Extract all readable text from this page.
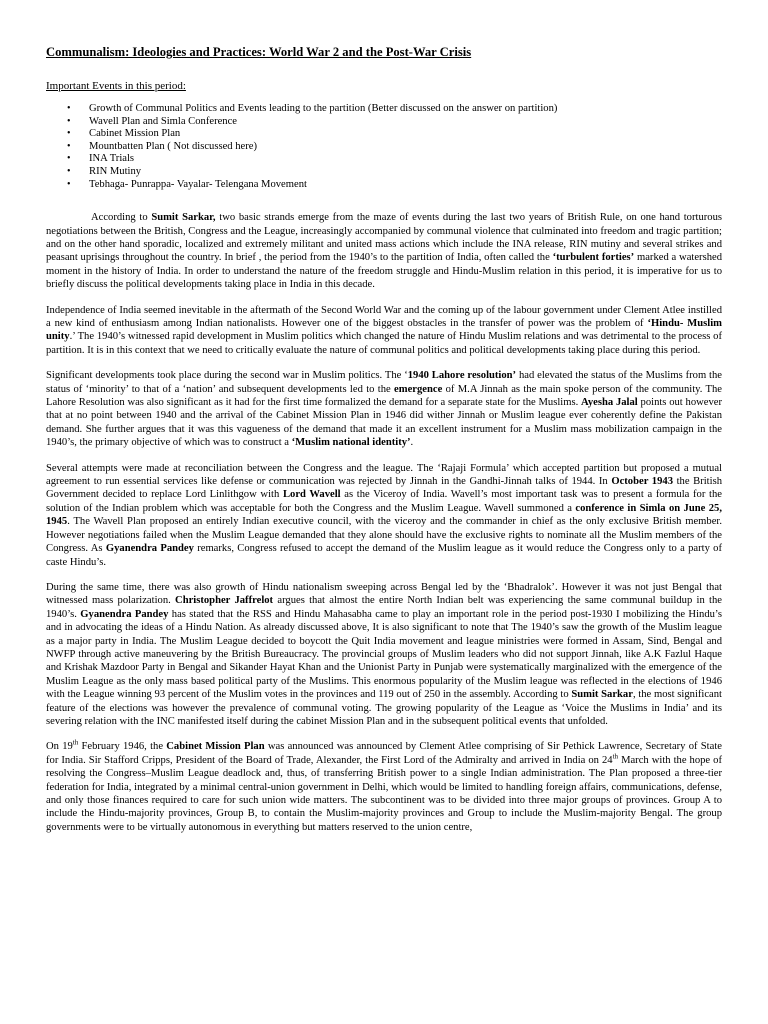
Communalism: Ideologies and Practices: World War 2 and the Post-War Crisis
Important Events in this period:
• Growth of Communal Politics and Events leading to the partition (Better discussed on the answer on partition)
• Wavell Plan and Simla Conference
• Cabinet Mission Plan
• Mountbatten Plan ( Not discussed here)
• INA Trials
• RIN Mutiny
• Tebhaga- Punrappa- Vayalar- Telengana Movement

According to Sumit Sarkar, two basic strands emerge from the maze of events during the last two years of British Rule, on one hand torturous negotiations between the British, Congress and the League, increasingly accompanied by communal violence that culminated into freedom and tragic partition; and on the other hand sporadic, localized and extremely militant and united mass actions which include the INA release, RIN mutiny and several strikes and peasant uprisings throughout the country. In brief , the period from the 1940’s to the partition of India, often called the ‘turbulent forties’ marked a watershed moment in the history of India. In order to understand the nature of the freedom struggle and Hindu-Muslim relation in this period, it is imperative for us to briefly discuss the political developments taking place in India in this decade.

Independence of India seemed inevitable in the aftermath of the Second World War and the coming up of the labour government under Clement Atlee instilled a new kind of enthusiasm among Indian nationalists. However one of the biggest obstacles in the transfer of power was the problem of ‘Hindu- Muslim unity.’ The 1940’s witnessed rapid development in Muslim politics which changed the nature of Hindu Muslim relations and was detrimental to the process of partition. It is in this context that we need to critically evaluate the nature of communal politics and political developments taking place during this period.

Significant developments took place during the second war in Muslim politics. The ‘1940 Lahore resolution’ had elevated the status of the Muslims from the status of ‘minority’ to that of a ‘nation’ and subsequent developments led to the emergence of M.A Jinnah as the main spoke person of the community. The Lahore Resolution was also significant as it had for the first time formalized the demand for a separate state for the Muslims. Ayesha Jalal points out however that at no point between 1940 and the arrival of the Cabinet Mission Plan in 1946 did wither Jinnah or Muslim league ever coherently define the Pakistan demand. She further argues that it was this vagueness of the demand that made it an excellent instrument for a Muslim mass mobilization campaign in the 1940’s, the primary objective of which was to construct a ‘Muslim national identity’.

Several attempts were made at reconciliation between the Congress and the league. The ‘Rajaji Formula’ which accepted partition but proposed a mutual agreement to run essential services like defense or communication was rejected by Jinnah in the Gandhi-Jinnah talks of 1944. In October 1943 the British Government decided to replace Lord Linlithgow with Lord Wavell as the Viceroy of India. Wavell’s most important task was to present a formula for the solution of the Indian problem which was acceptable for both the Congress and the Muslim League. Wavell summoned a conference in Simla on June 25, 1945. The Wavell Plan proposed an entirely Indian executive council, with the viceroy and the commander in chief as the only exclusive British member. However negotiations failed when the Muslim League demanded that they alone should have the exclusive rights to nominate all the Muslim members of the Congress. As Gyanendra Pandey remarks, Congress refused to accept the demand of the Muslim league as it would reduce the Congress only to a party of caste Hindu’s.

During the same time, there was also growth of Hindu nationalism sweeping across Bengal led by the ‘Bhadralok’. However it was not just Bengal that witnessed mass polarization. Christopher Jaffrelot argues that almost the entire North Indian belt was experiencing the same communal buildup in the 1940’s. Gyanendra Pandey has stated that the RSS and Hindu Mahasabha came to play an important role in the period post-1930 I mobilizing the Hindu’s and in advocating the ideas of a Hindu Nation. As already discussed above, It is also significant to note that The 1940’s saw the growth of the Muslim league as a major party in India. The Muslim League decided to boycott the Quit India movement and league ministries were formed in Assam, Sind, Bengal and NWFP through active maneuvering by the British Bureaucracy. The provincial groups of Muslim leaders who did not support Jinnah, like A.K Fazlul Haque and Krishak Mazdoor Party in Bengal and Sikander Hayat Khan and the Unionist Party in Punjab were systematically marginalized with the emergence of the Muslim League as the only mass based political party of the Muslims. This enormous popularity of the Muslim league was reflected in the elections of 1946 with the League winning 93 percent of the Muslim votes in the provinces and 119 out of 250 in the assembly. According to Sumit Sarkar, the most significant feature of the elections was however the prevalence of communal voting. The growing popularity of the League as ‘Voice the Muslims in India’ and its severing relation with the INC manifested itself during the cabinet Mission Plan and in the subsequent political events that unfolded.

On 19th February 1946, the Cabinet Mission Plan was announced was announced by Clement Atlee comprising of Sir Pethick Lawrence, Secretary of State for India. Sir Stafford Cripps, President of the Board of Trade, Alexander, the First Lord of the Admiralty and arrived in India on 24th March with the hope of resolving the Congress–Muslim League deadlock and, thus, of transferring British power to a single Indian administration. The Plan proposed a three-tier federation for India, integrated by a minimal central-union government in Delhi, which would be limited to handling foreign affairs, communications, defense, and only those finances required to care for such union wide matters. The subcontinent was to be divided into three major groups of provinces. Group A to include the Hindu-majority provinces, Group B, to contain the Muslim-majority provinces and Group to include the Muslim-majority Bengal. The group governments were to be virtually autonomous in everything but matters reserved to the union centre,
